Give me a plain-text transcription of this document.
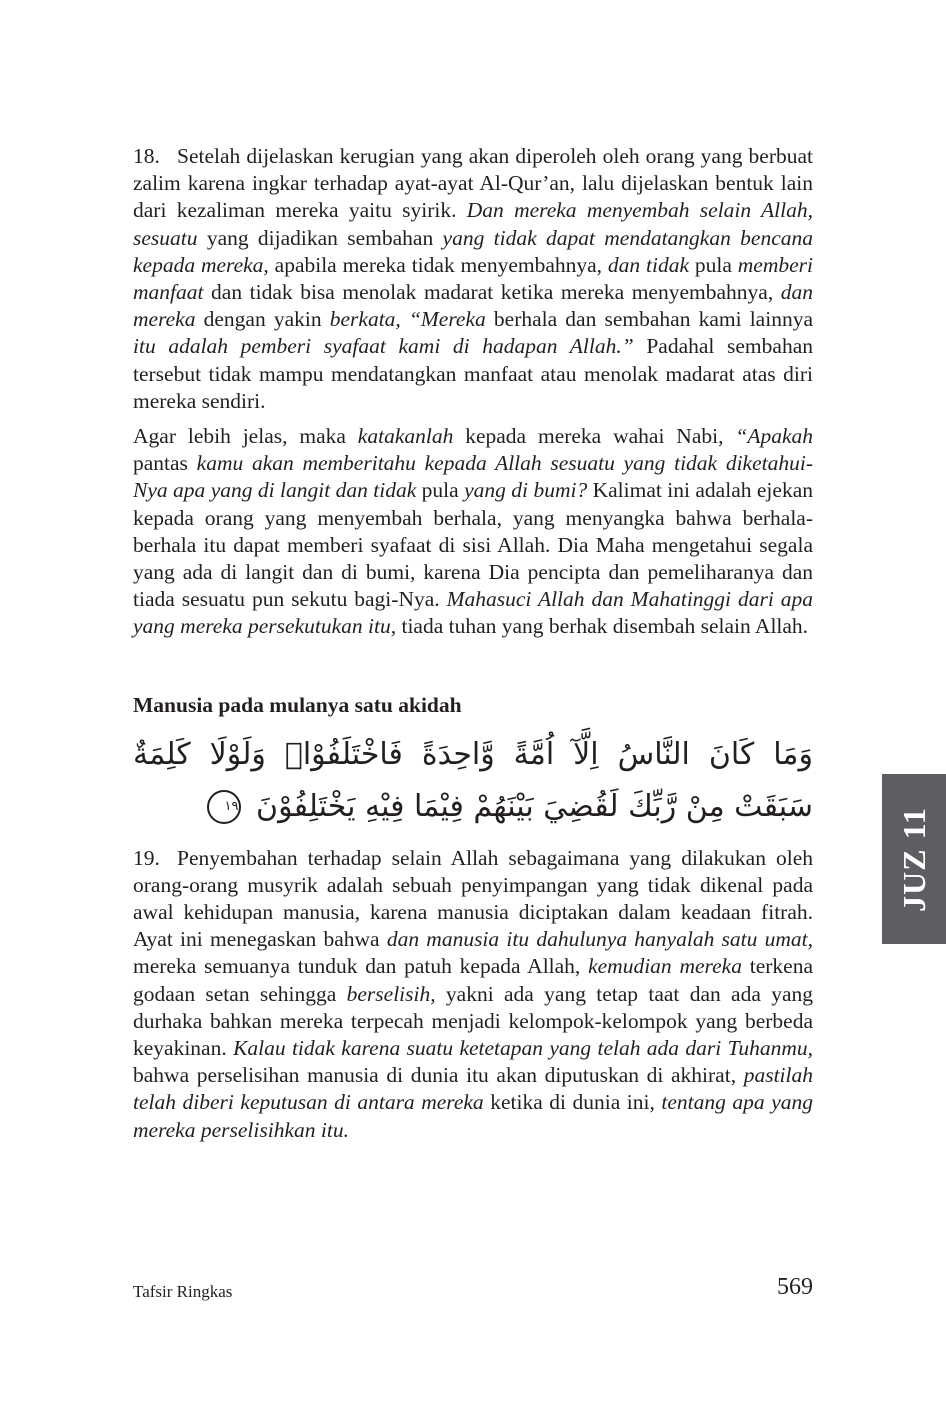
18. Setelah dijelaskan kerugian yang akan diperoleh oleh orang yang berbuat zalim karena ingkar terhadap ayat-ayat Al-Qur’an, lalu dijelaskan bentuk lain dari kezaliman mereka yaitu syirik. Dan mereka menyembah selain Allah, sesuatu yang dijadikan sembahan yang tidak dapat mendatangkan bencana kepada mereka, apabila mereka tidak menyembahnya, dan tidak pula memberi manfaat dan tidak bisa menolak madarat ketika mereka menyembahnya, dan mereka dengan yakin berkata, “Mereka berhala dan sembahan kami lainnya itu adalah pemberi syafaat kami di hadapan Allah.” Padahal sembahan tersebut tidak mampu mendatangkan manfaat atau menolak madarat atas diri mereka sendiri.

Agar lebih jelas, maka katakanlah kepada mereka wahai Nabi, “Apakah pantas kamu akan memberitahu kepada Allah sesuatu yang tidak diketahui-Nya apa yang di langit dan tidak pula yang di bumi? Kalimat ini adalah ejekan kepada orang yang menyembah berhala, yang menyangka bahwa berhala-berhala itu dapat memberi syafaat di sisi Allah. Dia Maha mengetahui segala yang ada di langit dan di bumi, karena Dia pencipta dan pemeliharanya dan tiada sesuatu pun sekutu bagi-Nya. Mahasuci Allah dan Mahatinggi dari apa yang mereka persekutukan itu, tiada tuhan yang berhak disembah selain Allah.

Manusia pada mulanya satu akidah
وَمَا كَانَ النَّاسُ اِلَّآ اُمَّةً وَّاحِدَةً فَاخْتَلَفُوْاۗ وَلَوْلَا كَلِمَةٌ سَبَقَتْ مِنْ رَّبِّكَ لَقُضِيَ بَيْنَهُمْ فِيْمَا فِيْهِ يَخْتَلِفُوْنَ ١٩

19. Penyembahan terhadap selain Allah sebagaimana yang dilakukan oleh orang-orang musyrik adalah sebuah penyimpangan yang tidak dikenal pada awal kehidupan manusia, karena manusia diciptakan dalam keadaan fitrah. Ayat ini menegaskan bahwa dan manusia itu dahulunya hanyalah satu umat, mereka semuanya tunduk dan patuh kepada Allah, kemudian mereka terkena godaan setan sehingga berselisih, yakni ada yang tetap taat dan ada yang durhaka bahkan mereka terpecah menjadi kelompok-kelompok yang berbeda keyakinan. Kalau tidak karena suatu ketetapan yang telah ada dari Tuhanmu, bahwa perselisihan manusia di dunia itu akan diputuskan di akhirat, pastilah telah diberi keputusan di antara mereka ketika di dunia ini, tentang apa yang mereka perselisihkan itu.

JUZ 11
Tafsir Ringkas	569
